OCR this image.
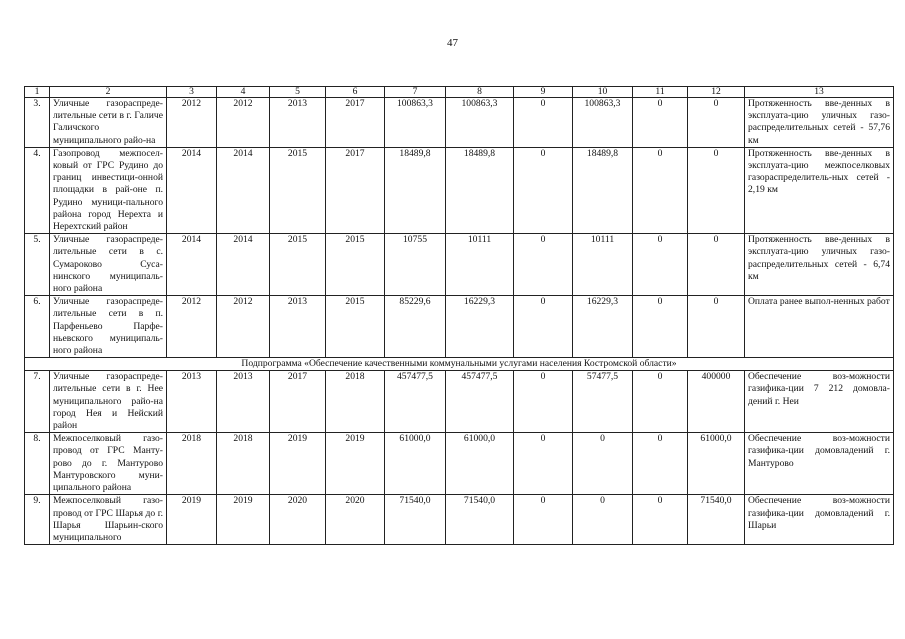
47
1	2	3	4	5	6	7	8	9	10	11	12	13
3.	Уличные газораспреде-лительные сети в г. Галиче Галичского муниципального райо-на	2012	2012	2013	2017	100863,3	100863,3	0	100863,3	0	0	Протяженность вве-денных в эксплуата-цию уличных газо-распределительных сетей - 57,76 км
4.	Газопровод межпосел-ковый от ГРС Рудино до границ инвестици-онной площадки в рай-оне п. Рудино муници-пального района город Нерехта и Нерехтский район	2014	2014	2015	2017	18489,8	18489,8	0	18489,8	0	0	Протяженность вве-денных в эксплуата-цию межпоселковых газораспределитель-ных сетей - 2,19 км
5.	Уличные газораспреде-лительные сети в с. Сумароково Суса-нинского муниципаль-ного района	2014	2014	2015	2015	10755	10111	0	10111	0	0	Протяженность вве-денных в эксплуата-цию уличных газо-распределительных сетей - 6,74 км
6.	Уличные газораспреде-лительные сети в п. Парфеньево Парфе-ньевского муниципаль-ного района	2012	2012	2013	2015	85229,6	16229,3	0	16229,3	0	0	Оплата ранее выпол-ненных работ
Подпрограмма «Обеспечение качественными коммунальными услугами населения Костромской области»												
7.	Уличные газораспреде-лительные сети в г. Нее муниципального райо-на город Нея и Нейский район	2013	2013	2017	2018	457477,5	457477,5	0	57477,5	0	400000	Обеспечение воз-можности газифика-ции 7 212 домовла-дений г. Неи
8.	Межпоселковый газо-провод от ГРС Манту-рово до г. Мантурово Мантуровского муни-ципального района	2018	2018	2019	2019	61000,0	61000,0	0	0	0	61000,0	Обеспечение воз-можности газифика-ции домовладений г. Мантурово
9.	Межпоселковый газо-провод от ГРС Шарья до г. Шарья Шарьин-ского муниципального	2019	2019	2020	2020	71540,0	71540,0	0	0	0	71540,0	Обеспечение воз-можности газифика-ции домовладений г. Шарьи
